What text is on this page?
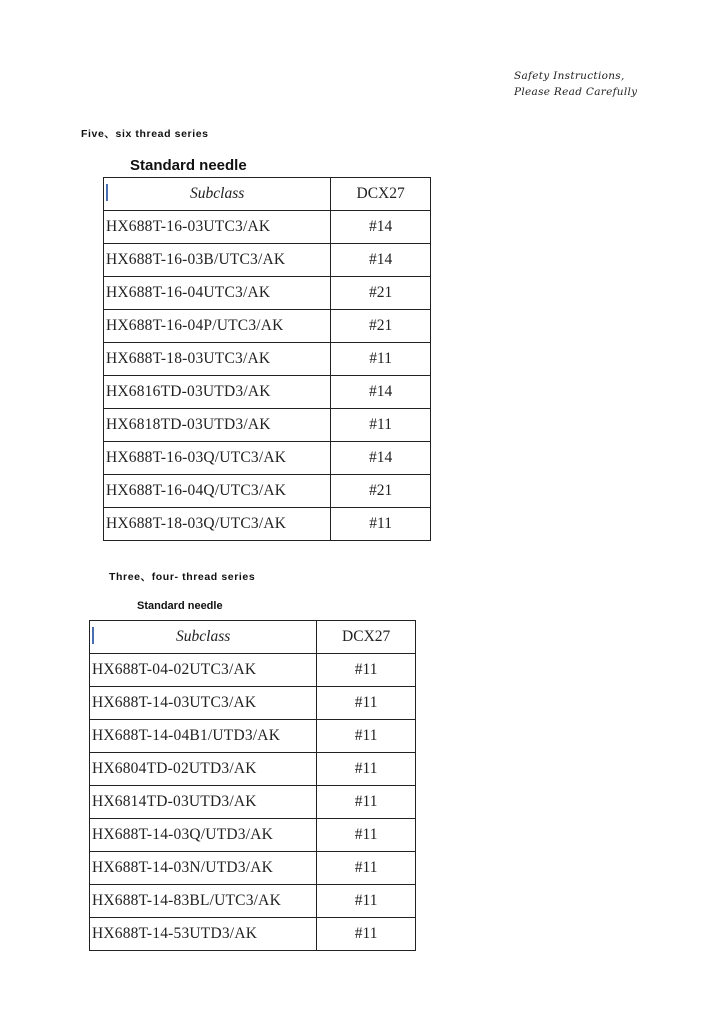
Safety Instructions,
Please Read Carefully
Five、six thread series
Standard needle
Subclass	DCX27
HX688T-16-03UTC3/AK	#14
HX688T-16-03B/UTC3/AK	#14
HX688T-16-04UTC3/AK	#21
HX688T-16-04P/UTC3/AK	#21
HX688T-18-03UTC3/AK	#11
HX6816TD-03UTD3/AK	#14
HX6818TD-03UTD3/AK	#11
HX688T-16-03Q/UTC3/AK	#14
HX688T-16-04Q/UTC3/AK	#21
HX688T-18-03Q/UTC3/AK	#11
Three、four- thread series
Standard needle
Subclass	DCX27
HX688T-04-02UTC3/AK	#11
HX688T-14-03UTC3/AK	#11
HX688T-14-04B1/UTD3/AK	#11
HX6804TD-02UTD3/AK	#11
HX6814TD-03UTD3/AK	#11
HX688T-14-03Q/UTD3/AK	#11
HX688T-14-03N/UTD3/AK	#11
HX688T-14-83BL/UTC3/AK	#11
HX688T-14-53UTD3/AK	#11
